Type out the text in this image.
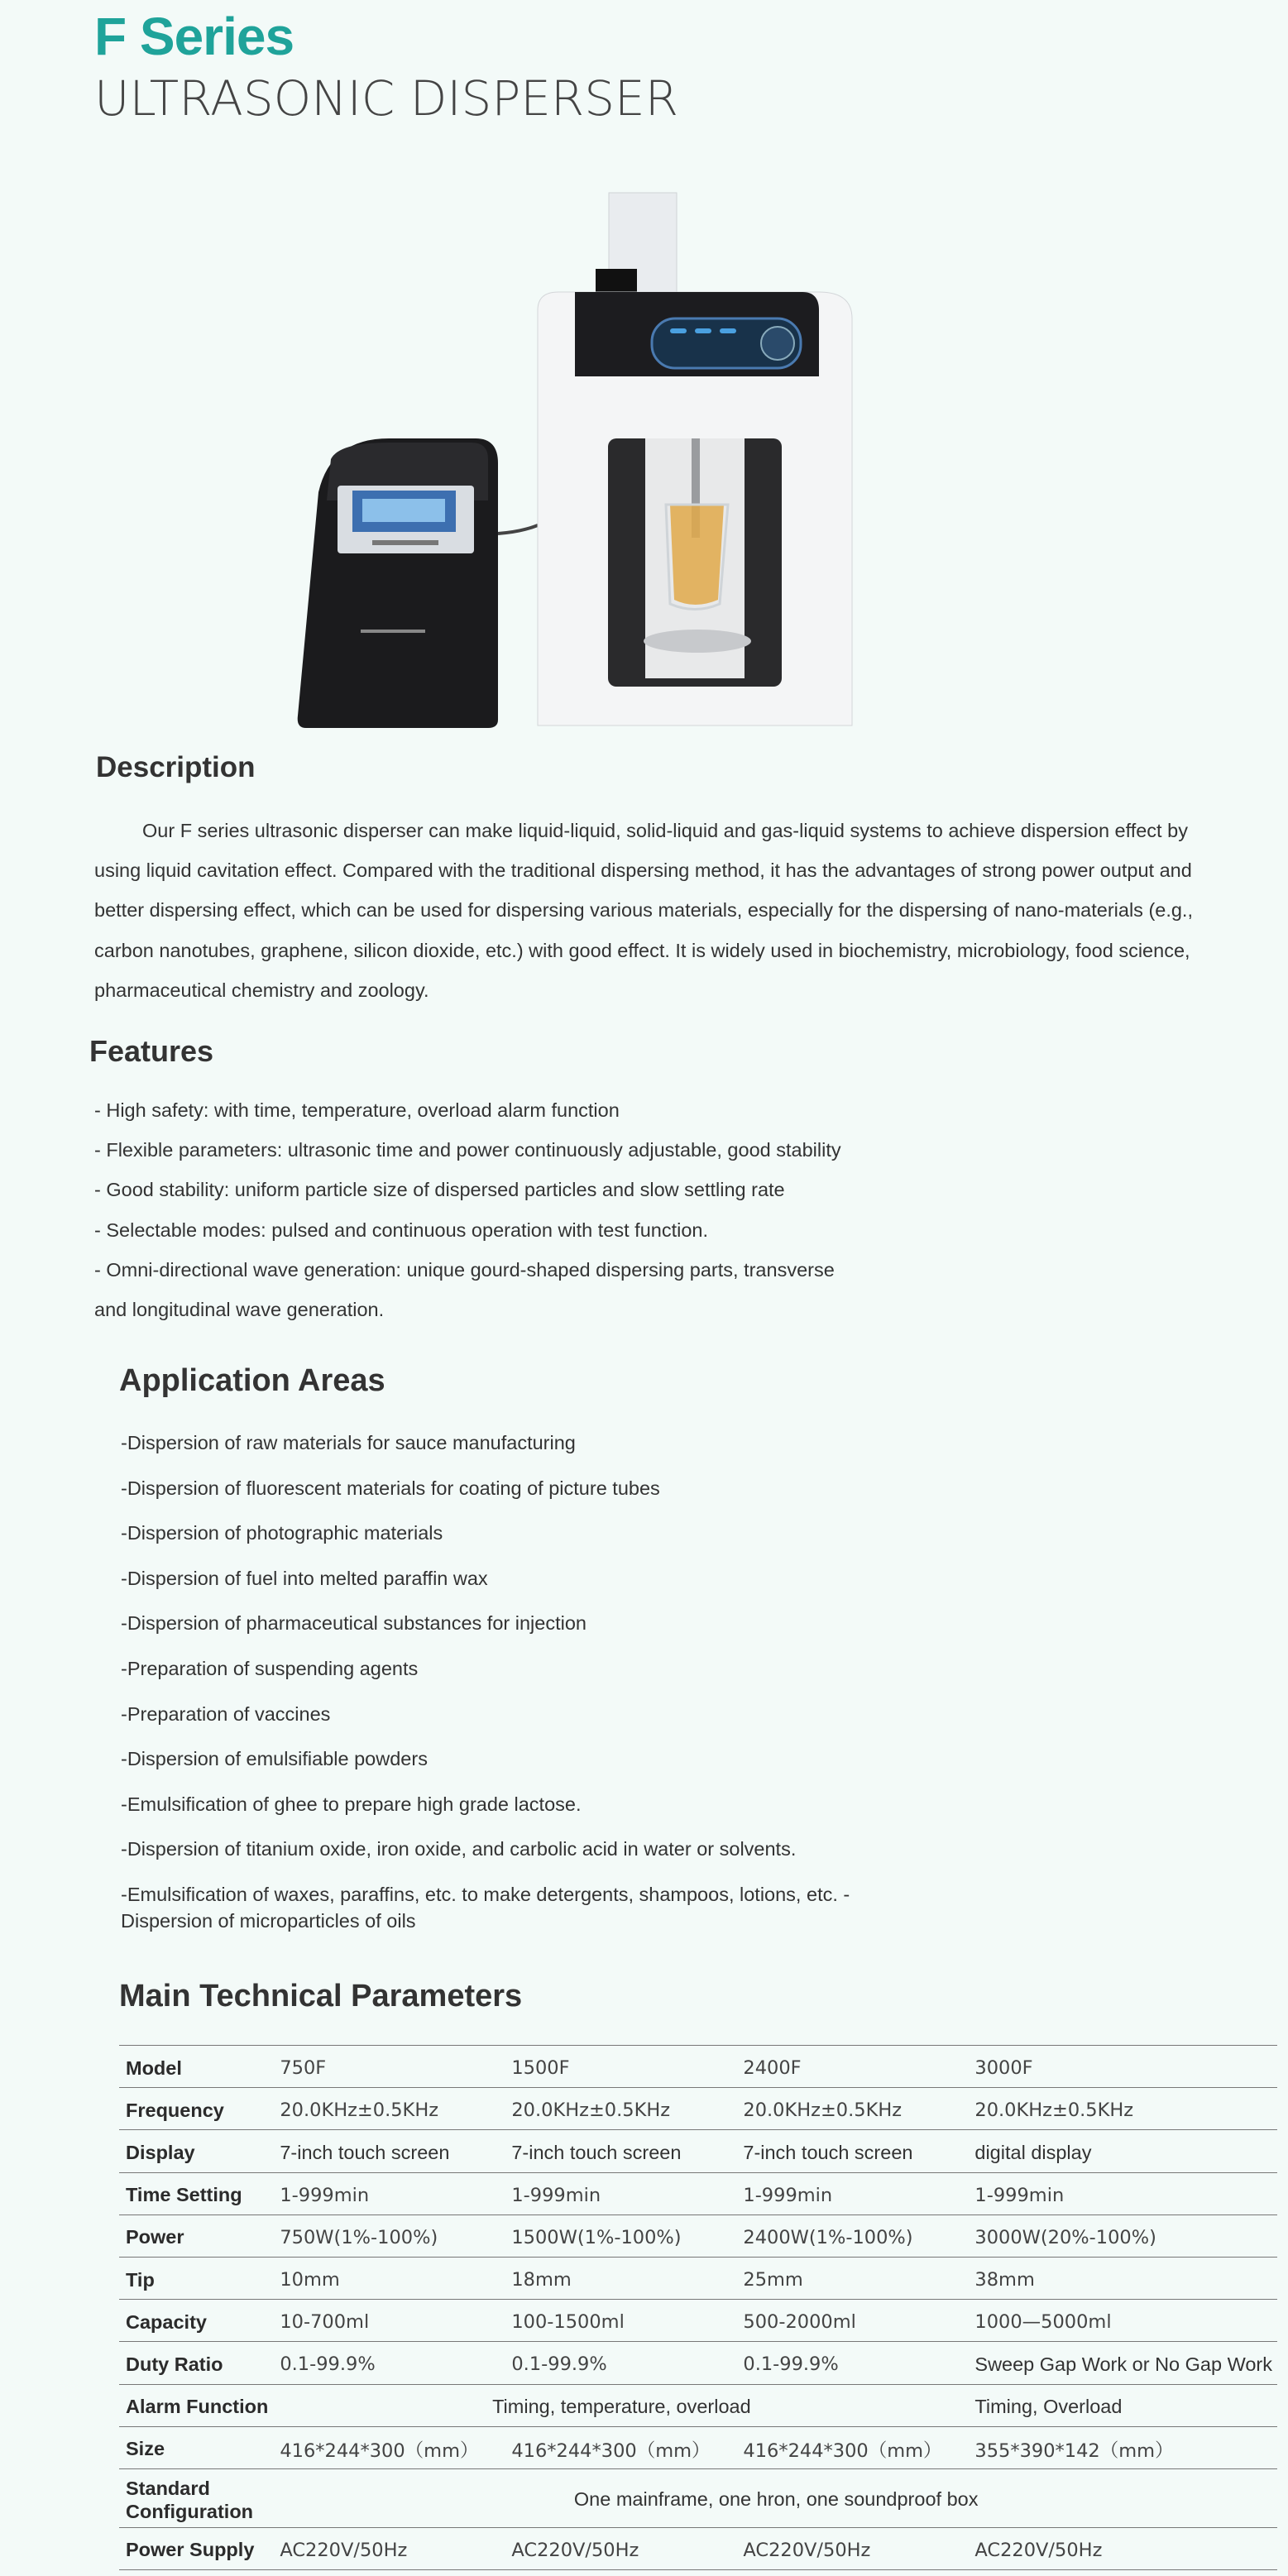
F Series
ULTRASONIC DISPERSER
Description
Our F series ultrasonic disperser can make liquid-liquid, solid-liquid and gas-liquid systems to achieve dispersion effect by using liquid cavitation effect. Compared with the traditional dispersing method, it has the advantages of strong power output and better dispersing effect, which can be used for dispersing various materials, especially for the dispersing of nano-materials (e.g., carbon nanotubes, graphene, silicon dioxide, etc.) with good effect. It is widely used in biochemistry, microbiology, food science, pharmaceutical chemistry and zoology.
Features
- High safety: with time, temperature, overload alarm function
- Flexible parameters: ultrasonic time and power continuously adjustable, good stability
- Good stability: uniform particle size of dispersed particles and slow settling rate
- Selectable modes: pulsed and continuous operation with test function.
- Omni-directional wave generation: unique gourd-shaped dispersing parts, transverse
and longitudinal wave generation.
Application Areas
-Dispersion of raw materials for sauce manufacturing
-Dispersion of fluorescent materials for coating of picture tubes
-Dispersion of photographic materials
-Dispersion of fuel into melted paraffin wax
-Dispersion of pharmaceutical substances for injection
-Preparation of suspending agents
-Preparation of vaccines
-Dispersion of emulsifiable powders
-Emulsification of ghee to prepare high grade lactose.
-Dispersion of titanium oxide, iron oxide, and carbolic acid in water or solvents.
-Emulsification of waxes, paraffins, etc. to make detergents, shampoos, lotions, etc. -
Dispersion of microparticles of oils
Main Technical Parameters
Model	750F	1500F	2400F	3000F
Frequency	20.0KHz±0.5KHz	20.0KHz±0.5KHz	20.0KHz±0.5KHz	20.0KHz±0.5KHz
Display	7-inch touch screen	7-inch touch screen	7-inch touch screen	digital display
Time Setting	1-999min	1-999min	1-999min	1-999min
Power	750W(1%-100%)	1500W(1%-100%)	2400W(1%-100%)	3000W(20%-100%)
Tip	10mm	18mm	25mm	38mm
Capacity	10-700ml	100-1500ml	500-2000ml	1000—5000ml
Duty Ratio	0.1-99.9%	0.1-99.9%	0.1-99.9%	Sweep Gap Work or No Gap Work
Alarm Function	Timing, temperature, overload			Timing, Overload
Size	416*244*300（mm）	416*244*300（mm）	416*244*300（mm）	355*390*142（mm）
Standard
Configuration	One mainframe, one hron, one soundproof box			
Power Supply	AC220V/50Hz	AC220V/50Hz	AC220V/50Hz	AC220V/50Hz
